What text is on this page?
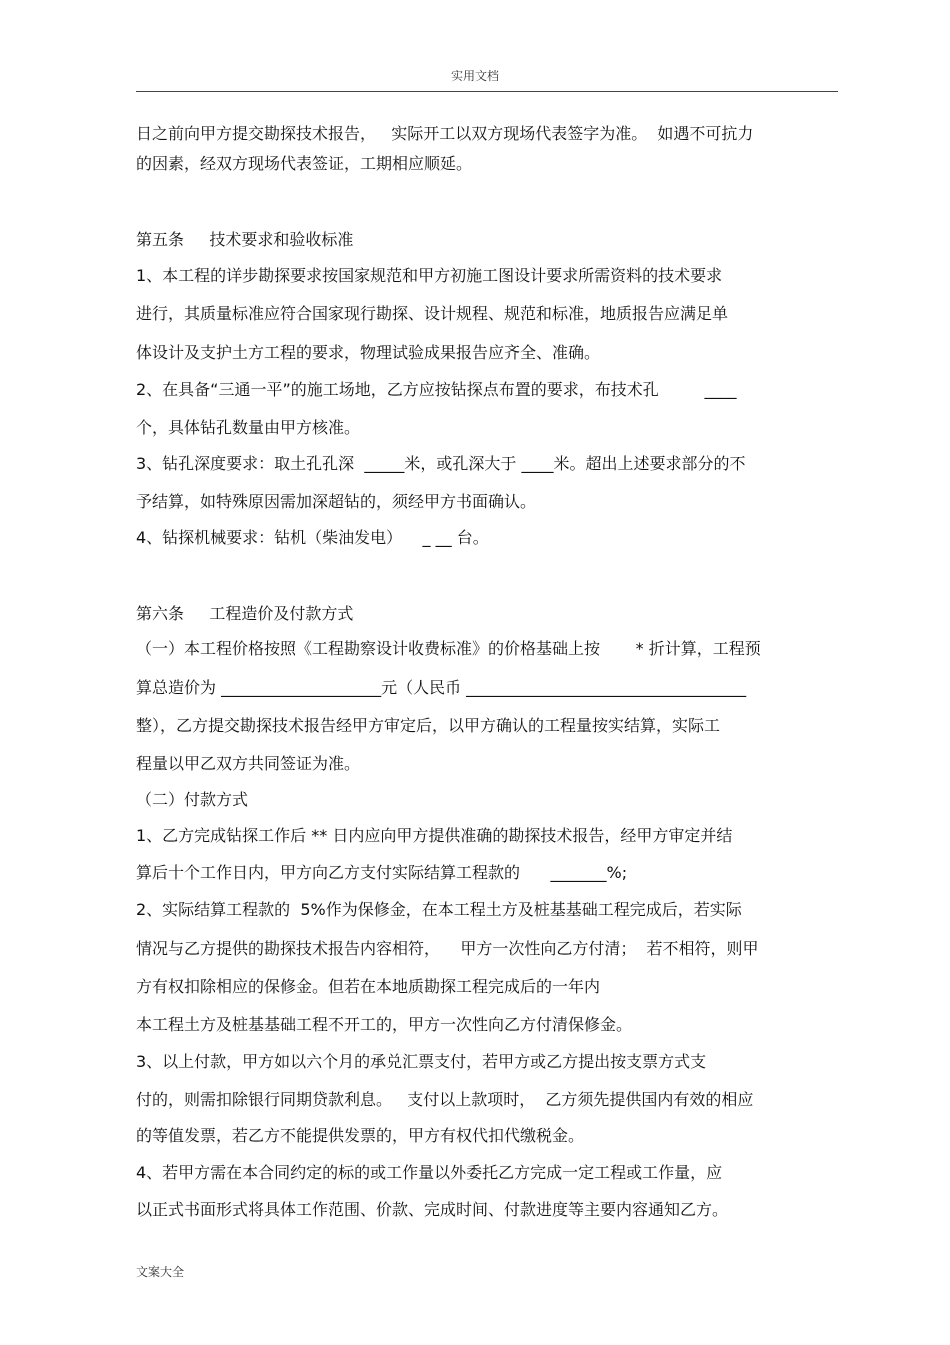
实用文档
日之前向甲方提交勘探技术报告，   实际开工以双方现场代表签字为准。  如遇不可抗力
的因素，经双方现场代表签证，工期相应顺延。
第五条     技术要求和验收标准
1、本工程的详步勘探要求按国家规范和甲方初施工图设计要求所需资料的技术要求
进行，其质量标准应符合国家现行勘探、设计规程、规范和标准，地质报告应满足单
体设计及支护土方工程的要求，物理试验成果报告应齐全、准确。
2、在具备“三通一平”的施工场地，乙方应按钻探点布置的要求，布技术孔         ____
个，具体钻孔数量由甲方核准。
3、钻孔深度要求：取土孔孔深  _____米，或孔深大于 ____米。超出上述要求部分的不
予结算，如特殊原因需加深超钻的，须经甲方书面确认。
4、钻探机械要求：钻机（柴油发电）    _ __ 台。
第六条     工程造价及付款方式
（一）本工程价格按照《工程勘察设计收费标准》的价格基础上按       * 折计算，工程预
算总造价为 ____________________元（人民币 ___________________________________
整），乙方提交勘探技术报告经甲方审定后，以甲方确认的工程量按实结算，实际工
程量以甲乙双方共同签证为准。
（二）付款方式
1、乙方完成钻探工作后 ** 日内应向甲方提供准确的勘探技术报告，经甲方审定并结
算后十个工作日内，甲方向乙方支付实际结算工程款的      _______%;
2、实际结算工程款的  5%作为保修金，在本工程土方及桩基基础工程完成后，若实际
情况与乙方提供的勘探技术报告内容相符，    甲方一次性向乙方付清；  若不相符，则甲
方有权扣除相应的保修金。但若在本地质勘探工程完成后的一年内
本工程土方及桩基基础工程不开工的，甲方一次性向乙方付清保修金。
3、以上付款，甲方如以六个月的承兑汇票支付，若甲方或乙方提出按支票方式支
付的，则需扣除银行同期贷款利息。   支付以上款项时，  乙方须先提供国内有效的相应
的等值发票，若乙方不能提供发票的，甲方有权代扣代缴税金。
4、若甲方需在本合同约定的标的或工作量以外委托乙方完成一定工程或工作量，应
以正式书面形式将具体工作范围、价款、完成时间、付款进度等主要内容通知乙方。
文案大全
